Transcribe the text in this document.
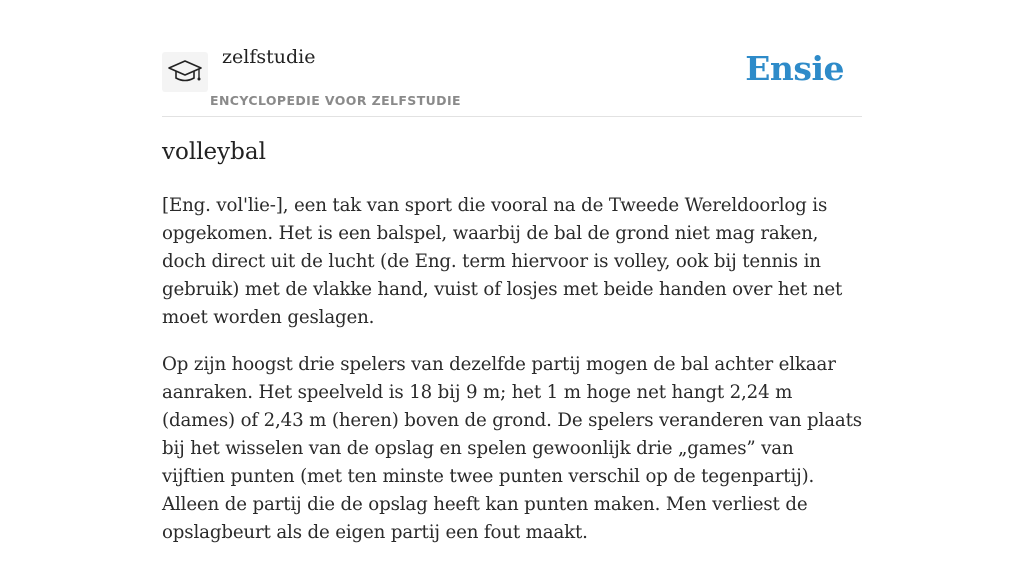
zelfstudie
ENCYCLOPEDIE VOOR ZELFSTUDIE
Ensie
volleybal

[Eng. vol'lie-], een tak van sport die vooral na de Tweede Wereldoorlog is opgekomen. Het is een balspel, waarbij de bal de grond niet mag raken, doch direct uit de lucht (de Eng. term hiervoor is volley, ook bij tennis in gebruik) met de vlakke hand, vuist of losjes met beide handen over het net moet worden geslagen.

Op zijn hoogst drie spelers van dezelfde partij mogen de bal achter elkaar aanraken. Het speelveld is 18 bij 9 m; het 1 m hoge net hangt 2,24 m (dames) of 2,43 m (heren) boven de grond. De spelers veranderen van plaats bij het wisselen van de opslag en spelen gewoonlijk drie „games” van vijftien punten (met ten minste twee punten verschil op de tegenpartij). Alleen de partij die de opslag heeft kan punten maken. Men verliest de opslagbeurt als de eigen partij een fout maakt.
